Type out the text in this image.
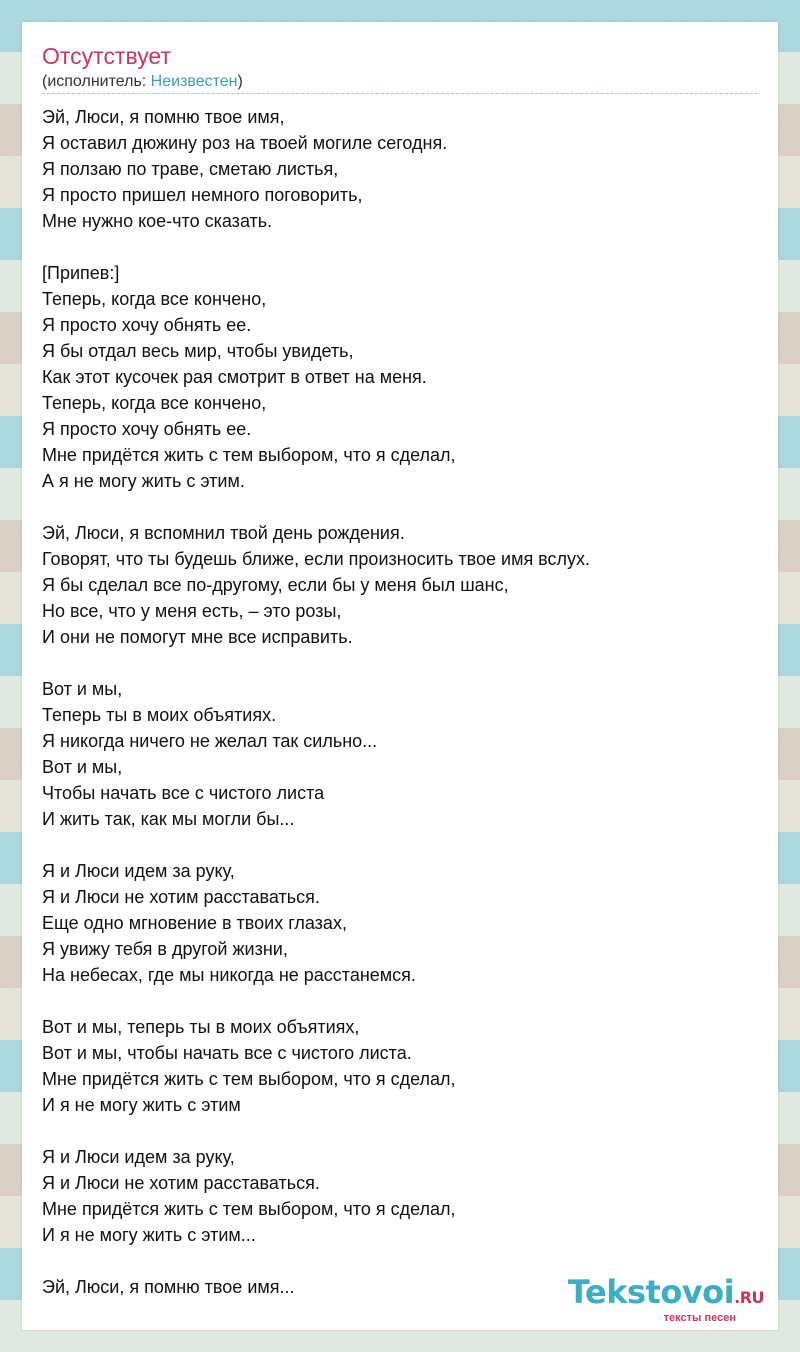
Отсутствует
(исполнитель: Неизвестен)
Эй, Люси, я помню твое имя,
Я оставил дюжину роз на твоей могиле сегодня.
Я ползаю по траве, сметаю листья,
Я просто пришел немного поговорить,
Мне нужно кое-что сказать.
[Припев:]
Теперь, когда все кончено,
Я просто хочу обнять ее.
Я бы отдал весь мир, чтобы увидеть,
Как этот кусочек рая смотрит в ответ на меня.
Теперь, когда все кончено,
Я просто хочу обнять ее.
Мне придётся жить с тем выбором, что я сделал,
А я не могу жить с этим.
Эй, Люси, я вспомнил твой день рождения.
Говорят, что ты будешь ближе, если произносить твое имя вслух.
Я бы сделал все по-другому, если бы у меня был шанс,
Но все, что у меня есть, – это розы,
И они не помогут мне все исправить.
Вот и мы,
Теперь ты в моих объятиях.
Я никогда ничего не желал так сильно...
Вот и мы,
Чтобы начать все с чистого листа
И жить так, как мы могли бы...
Я и Люси идем за руку,
Я и Люси не хотим расставаться.
Еще одно мгновение в твоих глазах,
Я увижу тебя в другой жизни,
На небесах, где мы никогда не расстанемся.
Вот и мы, теперь ты в моих объятиях,
Вот и мы, чтобы начать все с чистого листа.
Мне придётся жить с тем выбором, что я сделал,
И я не могу жить с этим
Я и Люси идем за руку,
Я и Люси не хотим расставаться.
Мне придётся жить с тем выбором, что я сделал,
И я не могу жить с этим...
Эй, Люси, я помню твое имя...	Tekstovoi.RU
тексты песен
